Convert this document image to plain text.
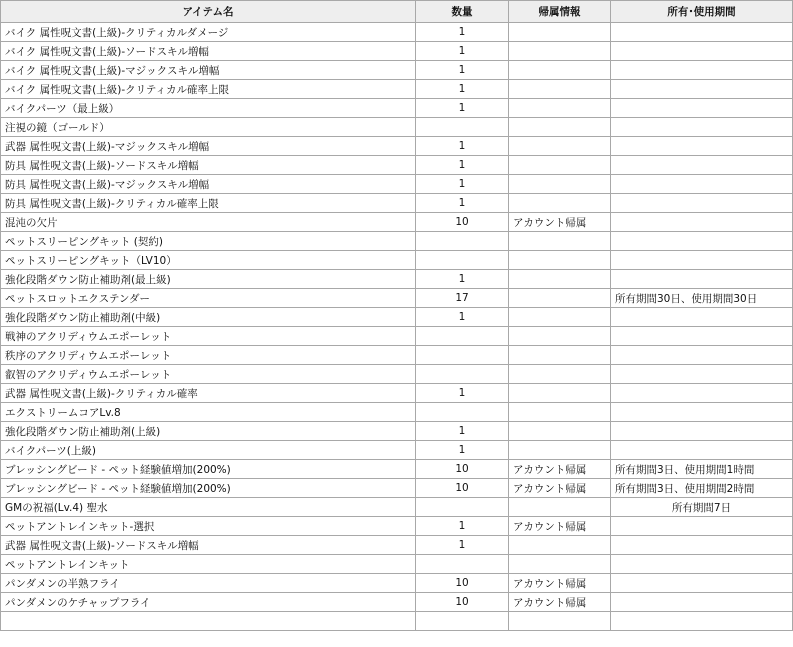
アイテム名	数量	帰属情報	所有･使用期間
バイク 属性呪文書(上級)-クリティカルダメージ	1		
バイク 属性呪文書(上級)-ソードスキル増幅	1		
バイク 属性呪文書(上級)-マジックスキル増幅	1		
バイク 属性呪文書(上級)-クリティカル確率上限	1		
バイクパーツ（最上級）	1		
注視の鏡（ゴールド）			
武器 属性呪文書(上級)-マジックスキル増幅	1		
防具 属性呪文書(上級)-ソードスキル増幅	1		
防具 属性呪文書(上級)-マジックスキル増幅	1		
防具 属性呪文書(上級)-クリティカル確率上限	1		
混沌の欠片	10	アカウント帰属	
ペットスリーピングキット (契約)			
ペットスリーピングキット（LV10）			
強化段階ダウン防止補助剤(最上級)	1		
ペットスロットエクステンダー	17		所有期間30日、使用期間30日
強化段階ダウン防止補助剤(中級)	1		
戦神のアクリディウムエポーレット			
秩序のアクリディウムエポーレット			
叡智のアクリディウムエポーレット			
武器 属性呪文書(上級)-クリティカル確率	1		
エクストリームコアLv.8			
強化段階ダウン防止補助剤(上級)	1		
バイクパーツ(上級)	1		
ブレッシングビード - ペット経験値増加(200%)	10	アカウント帰属	所有期間3日、使用期間1時間
ブレッシングビード - ペット経験値増加(200%)	10	アカウント帰属	所有期間3日、使用期間2時間
GMの祝福(Lv.4) 聖水			所有期間7日
ペットアントレインキット-選択	1	アカウント帰属	
武器 属性呪文書(上級)-ソードスキル増幅	1		
ペットアントレインキット			
パンダメンの半熟フライ	10	アカウント帰属	
パンダメンのケチャップフライ	10	アカウント帰属	
